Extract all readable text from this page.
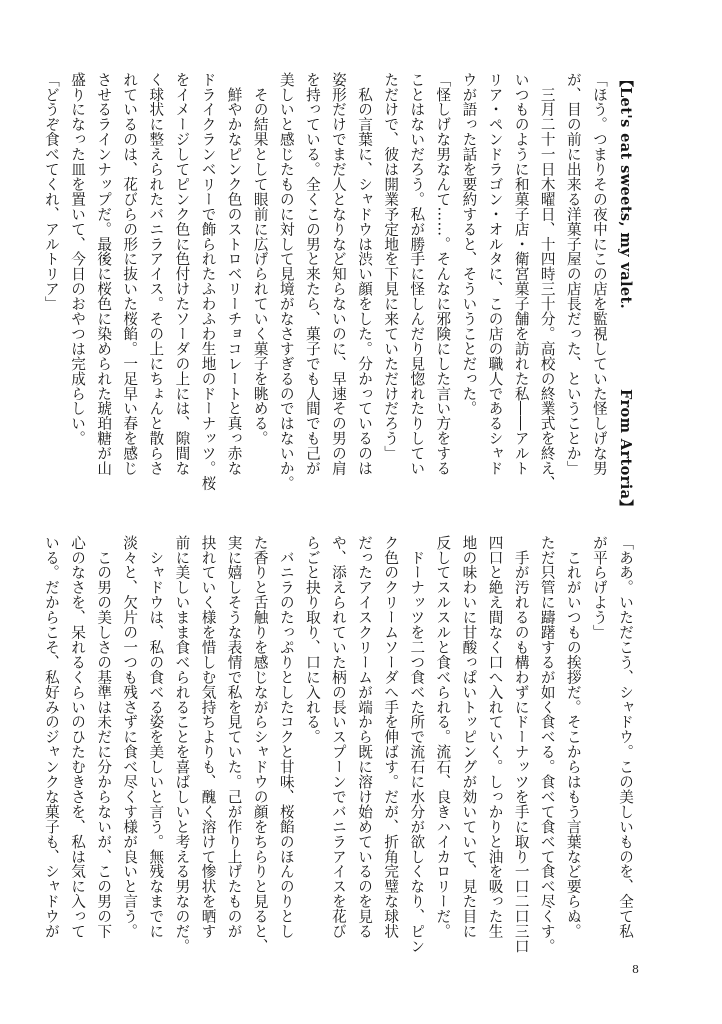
【Let's eat sweets, my valet.
From Artoria】
「ほう。つまりその夜中にこの店を監視していた怪しげな男
が、目の前に出来る洋菓子屋の店長だった、ということか」
　三月二十一日木曜日、十四時三十分。高校の終業式を終え、
いつものように和菓子店・衛宮菓子舗を訪れた私――アルト
リア・ペンドラゴン・オルタに、この店の職人であるシャド
ウが語った話を要約すると、そういうことだった。
「怪しげな男なんて……。そんなに邪険にした言い方をする
ことはないだろう。私が勝手に怪しんだり見惚れたりしてい
ただけで、彼は開業予定地を下見に来ていただけだろう」
　私の言葉に、シャドウは渋い顔をした。分かっているのは
姿形だけでまだ人となりなど知らないのに、早速その男の肩
を持っている。全くこの男と来たら、菓子でも人間でも己が
美しいと感じたものに対して見境がなさすぎるのではないか。
　その結果として眼前に広げられていく菓子を眺める。
　鮮やかなピンク色のストロベリーチョコレートと真っ赤な
ドライクランベリーで飾られたふわふわ生地のドーナッツ。桜
をイメージしてピンク色に色付けたソーダの上には、隙間な
く球状に整えられたバニラアイス。その上にちょんと散らさ
れているのは、花びらの形に抜いた桜餡。一足早い春を感じ
させるラインナップだ。最後に桜色に染められた琥珀糖が山
盛りになった皿を置いて、今日のおやつは完成らしい。
「どうぞ食べてくれ、アルトリア」
「ああ。いただこう、シャドウ。この美しいものを、全て私
が平らげよう」
　これがいつもの挨拶だ。そこからはもう言葉など要らぬ。
ただ只管に躊躇するが如く食べる。食べて食べて食べ尽くす。
　手が汚れるのも構わずにドーナッツを手に取り一口二口三口
四口と絶え間なく口へ入れていく。しっかりと油を吸った生
地の味わいに甘酸っぱいトッピングが効いていて、見た目に
反してスルスルと食べられる。流石、良きハイカロリーだ。
　ドーナッツを二つ食べた所で流石に水分が欲しくなり、ピン
ク色のクリームソーダへ手を伸ばす。だが、折角完璧な球状
だったアイスクリームが端から既に溶け始めているのを見る
や、添えられていた柄の長いスプーンでバニラアイスを花び
らごと抉り取り、口に入れる。
　バニラのたっぷりとしたコクと甘味、桜餡のほんのりとし
た香りと舌触りを感じながらシャドウの顔をちらりと見ると、
実に嬉しそうな表情で私を見ていた。己が作り上げたものが
抉れていく様を惜しむ気持ちよりも、醜く溶けて惨状を晒す
前に美しいまま食べられることを喜ばしいと考える男なのだ。
　シャドウは、私の食べる姿を美しいと言う。無残なまでに
淡々と、欠片の一つも残さずに食べ尽くす様が良いと言う。
　この男の美しさの基準は未だに分からないが、この男の下
心のなさを、呆れるくらいのひたむきさを、私は気に入って
いる。だからこそ、私好みのジャンクな菓子も、シャドウが
8
